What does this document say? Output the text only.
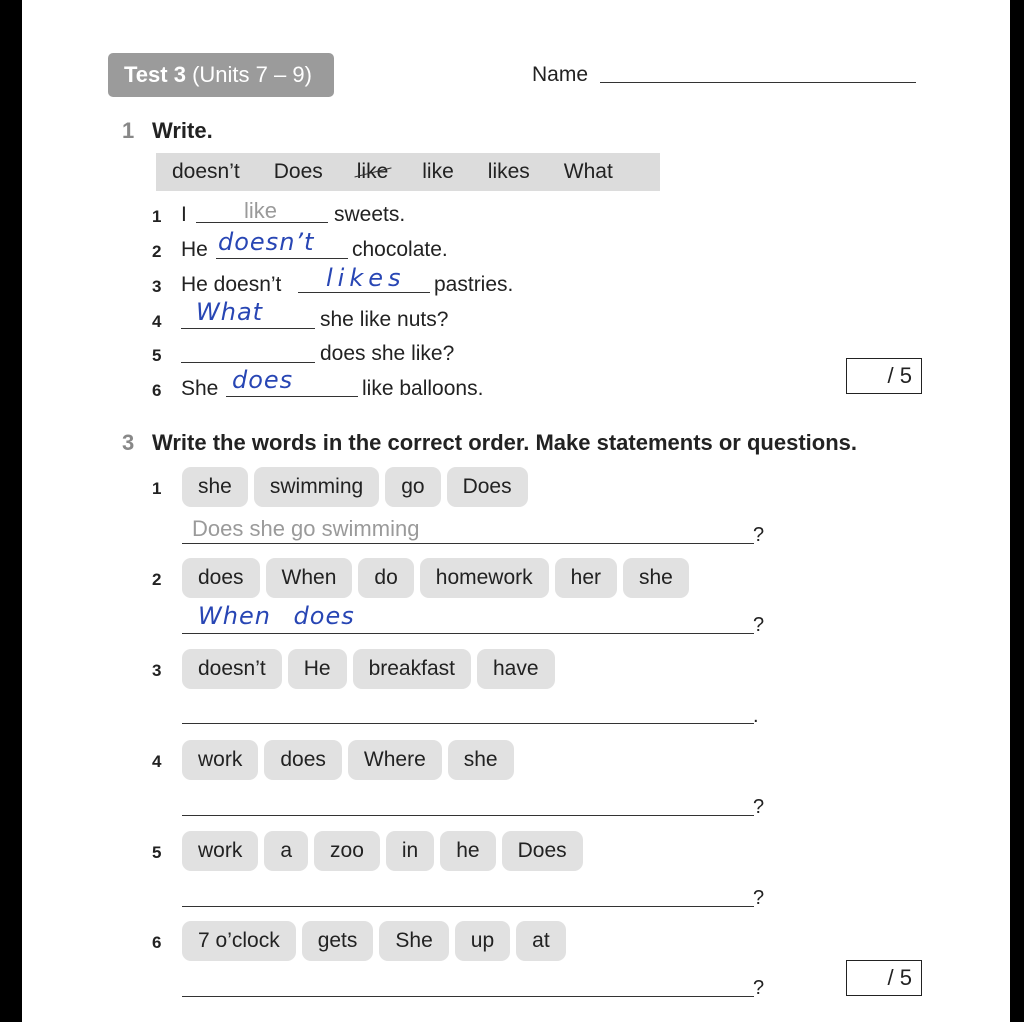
Test 3 (Units 7 – 9)	Name
1 Write.
doesn’t Does like like likes What
1 I	like	sweets.
2 He doesn’t chocolate.
3 He doesn’t likes pastries.
4 What	she like nuts?
5	does she like?
6 She does	like balloons.
/ 5
3 Write the words in the correct order. Make statements or questions.
1	she	swimming	go	Does
Does she go swimming	?
2	does	When	do	homework	her	she
When does	?
3	doesn’t	He	breakfast	have
.
4	work	does	Where	she
?
5	work	a	zoo	in	he	Does
?
6	7 o’clock	gets	She	up	at
?	/ 5
